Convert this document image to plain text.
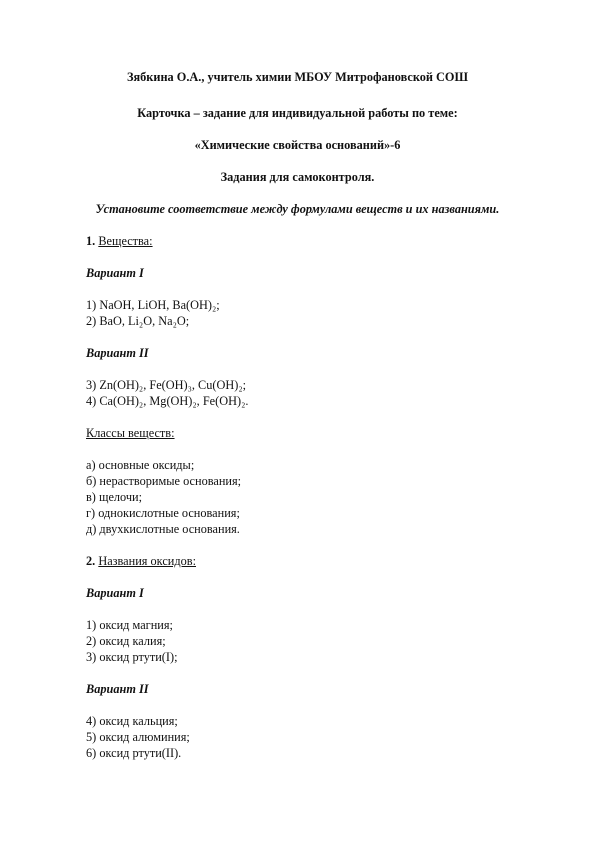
Зябкина О.А., учитель химии МБОУ Митрофановской СОШ
Карточка – задание для индивидуальной работы по теме:
«Химические свойства оснований»-6
Задания для самоконтроля.
Установите соответствие между формулами веществ и их названиями.
1. Вещества:
Вариант I
1) NaOH, LiOH, Ba(OH)₂;
2) BaO, Li₂O, Na₂O;
Вариант II
3) Zn(OH)₂, Fe(OH)₃, Cu(OH)₂;
4) Ca(OH)₂, Mg(OH)₂, Fe(OH)₂.
Классы веществ:
а) основные оксиды;
б) нерастворимые основания;
в) щелочи;
г) однокислотные основания;
д) двухкислотные основания.
2. Названия оксидов:
Вариант I
1) оксид магния;
2) оксид калия;
3) оксид ртути(I);
Вариант II
4) оксид кальция;
5) оксид алюминия;
6) оксид ртути(II).
